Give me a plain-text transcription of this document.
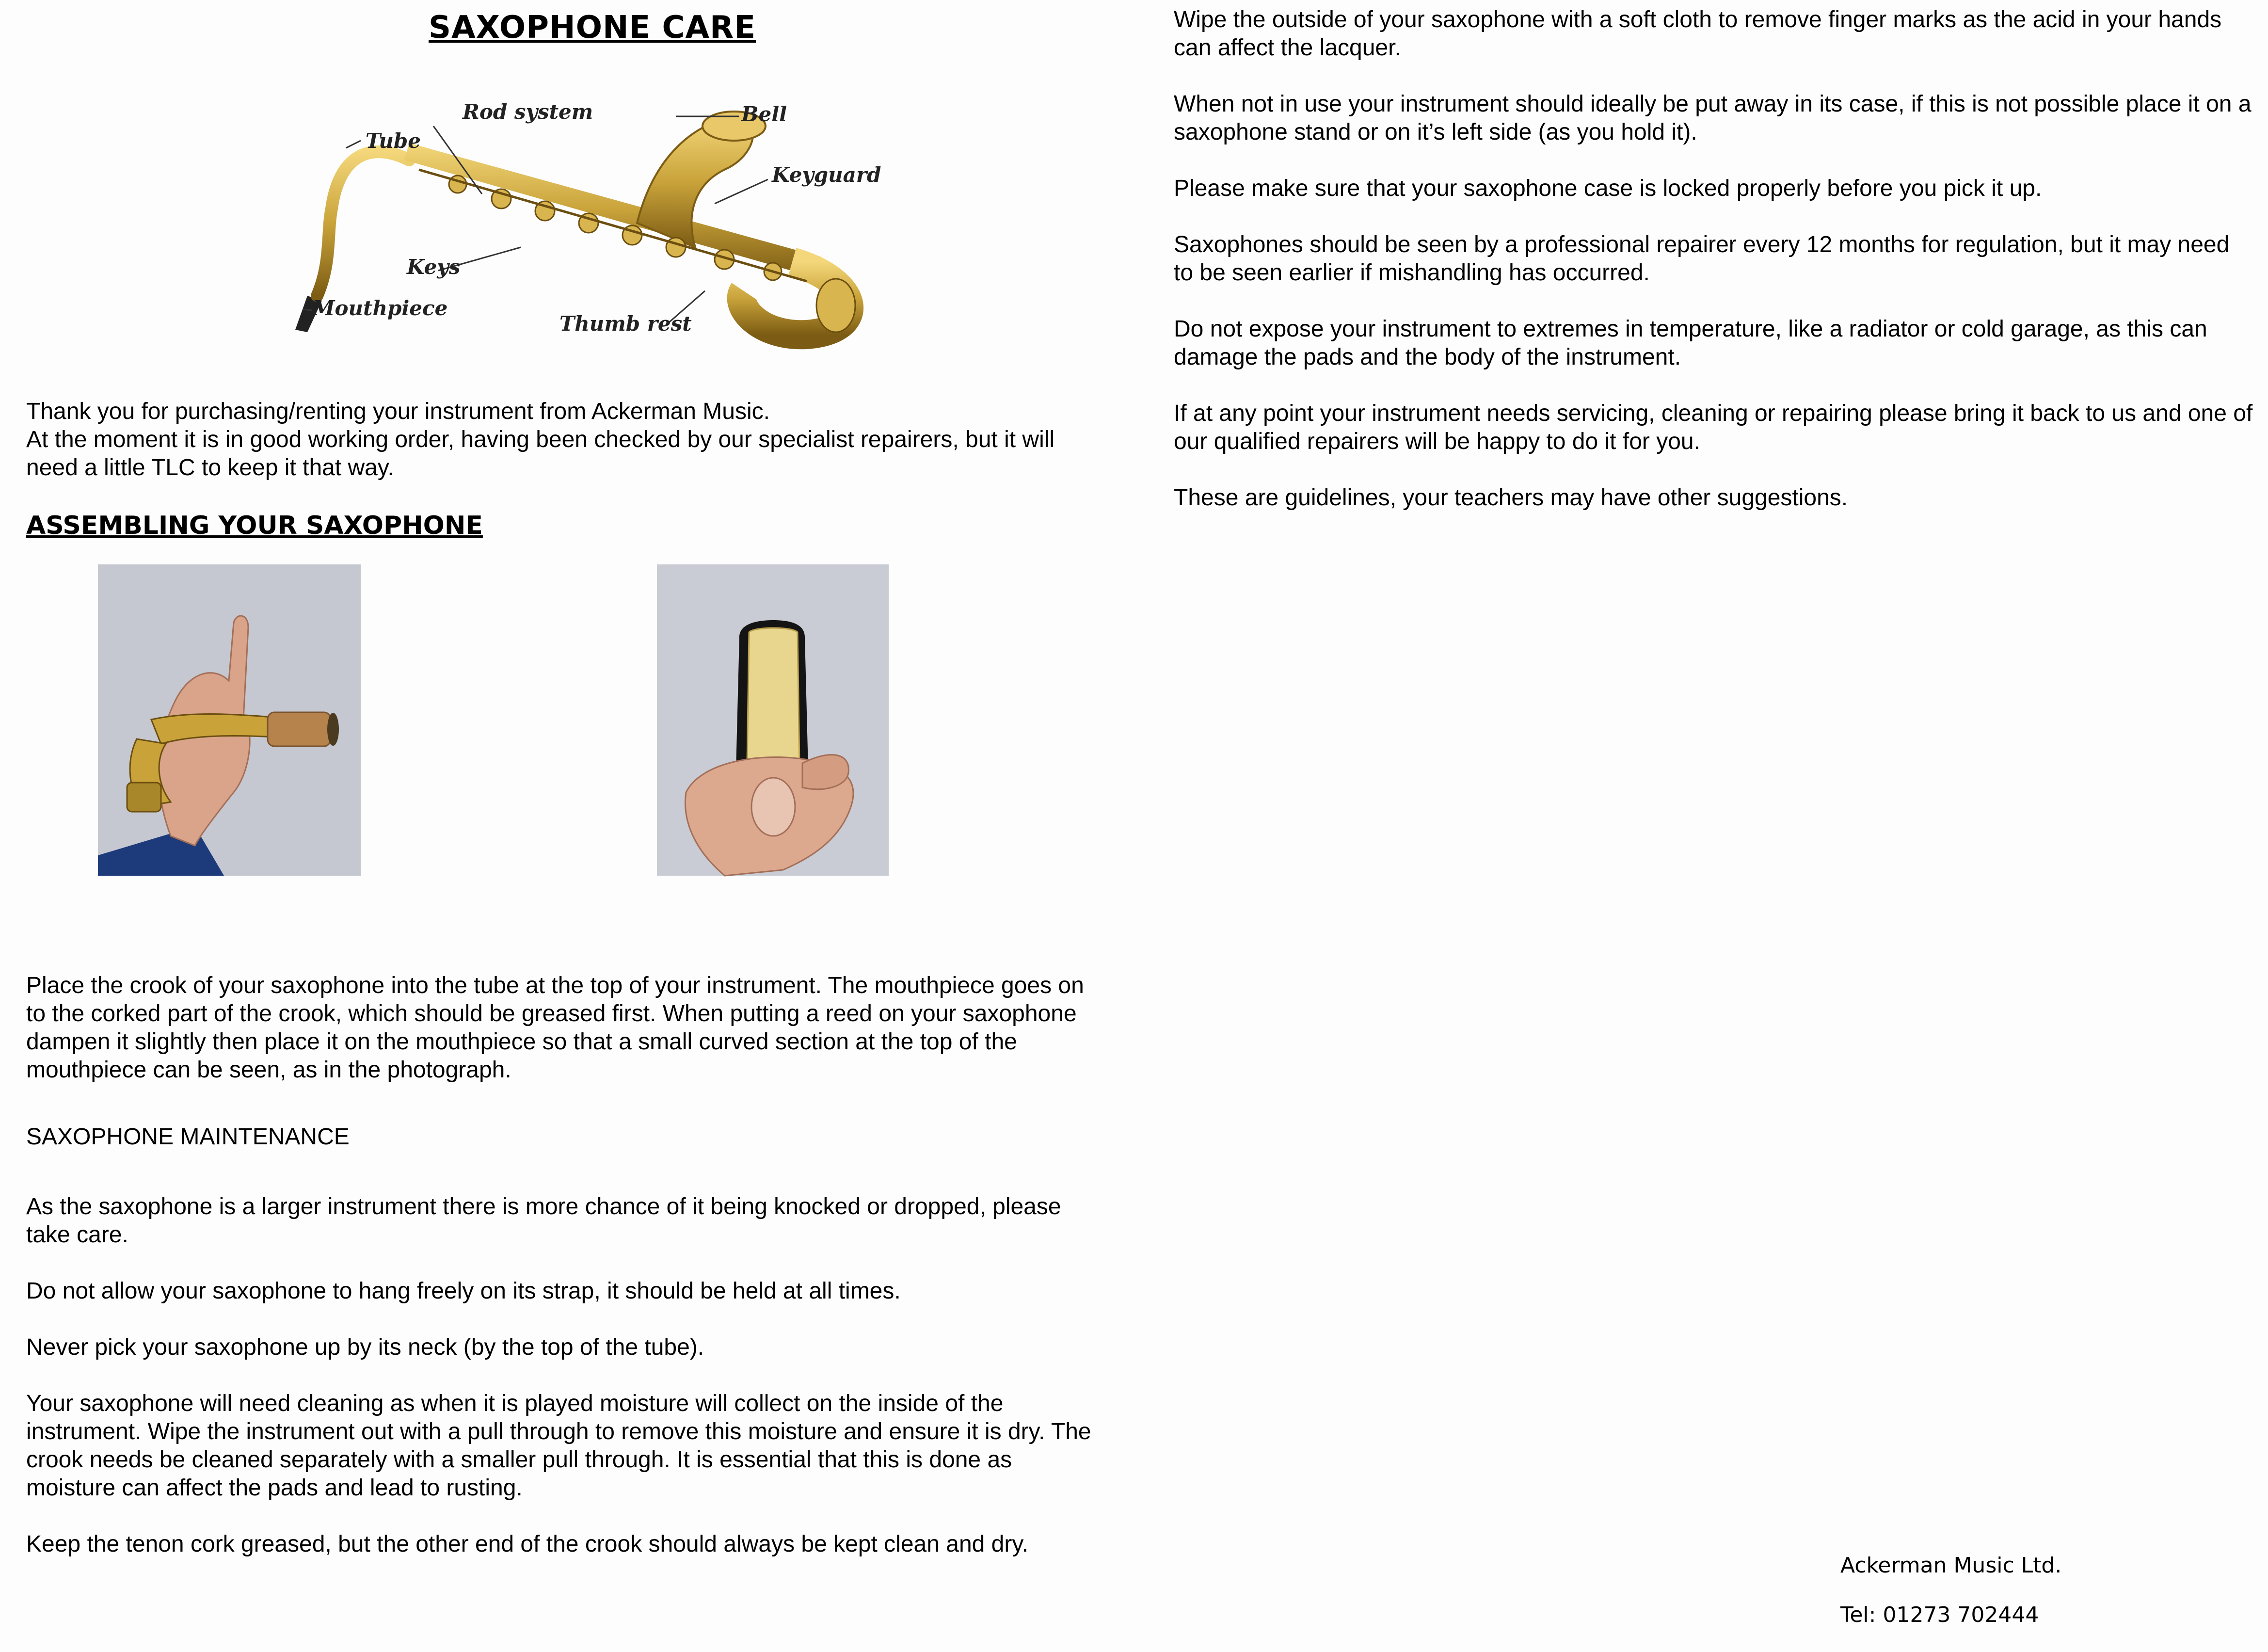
SAXOPHONE CARE
Rod system	Bell
Tube
Keyguard
Keys
Mouthpiece
Thumb rest
Thank you for purchasing/renting your instrument from Ackerman Music.
At the moment it is in good working order, having been checked by our specialist repairers, but it will need a little TLC to keep it that way.
ASSEMBLING YOUR SAXOPHONE
Place the crook of your saxophone into the tube at the top of your instrument. The mouthpiece goes on to the corked part of the crook, which should be greased first. When putting a reed on your saxophone dampen it slightly then place it on the mouthpiece so that a small curved section at the top of the mouthpiece can be seen, as in the photograph.
SAXOPHONE MAINTENANCE
As the saxophone is a larger instrument there is more chance of it being knocked or dropped, please take care.
Do not allow your saxophone to hang freely on its strap, it should be held at all times.
Never pick your saxophone up by its neck (by the top of the tube).
Your saxophone will need cleaning as when it is played moisture will collect on the inside of the instrument. Wipe the instrument out with a pull through to remove this moisture and ensure it is dry. The crook needs be cleaned separately with a smaller pull through. It is essential that this is done as moisture can affect the pads and lead to rusting.
Keep the tenon cork greased, but the other end of the crook should always be kept clean and dry.
Wipe the outside of your saxophone with a soft cloth to remove finger marks as the acid in your hands can affect the lacquer.
When not in use your instrument should ideally be put away in its case, if this is not possible place it on a saxophone stand or on it’s left side (as you hold it).
Please make sure that your saxophone case is locked properly before you pick it up.
Saxophones should be seen by a professional repairer every 12 months for regulation, but it may need to be seen earlier if mishandling has occurred.
Do not expose your instrument to extremes in temperature, like a radiator or cold garage, as this can damage the pads and the body of the instrument.
If at any point your instrument needs servicing, cleaning or repairing please bring it back to us and one of our qualified repairers will be happy to do it for you.
These are guidelines, your teachers may have other suggestions.

Ackerman Music Ltd.

Tel: 01273 702444
